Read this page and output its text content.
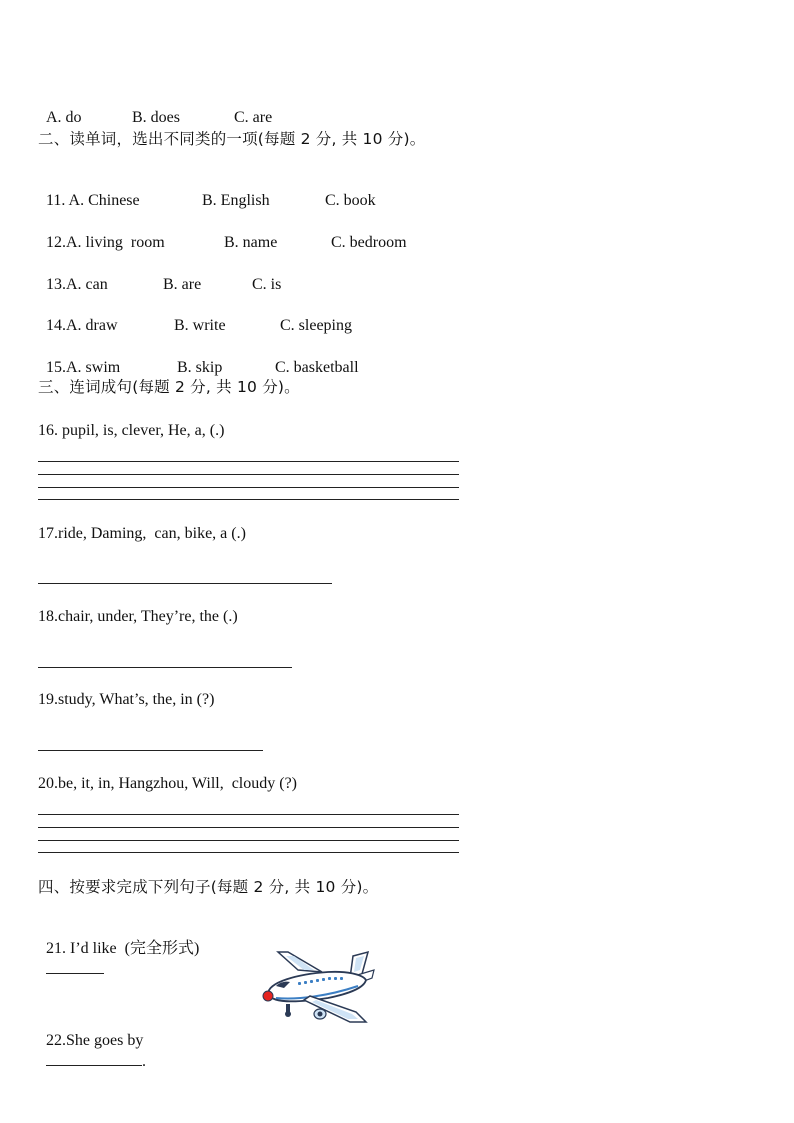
A. do	B. does	C. are

二、读单词，选出不同类的一项(每题 2 分, 共 10 分)。

11. A. Chinese	B. English	C. book

12.A. living  room	B. name	C. bedroom

13.A. can	B. are	C. is

14.A. draw	B. write	C. sleeping

15.A. swim	B. skip	C. basketball

三、连词成句(每题 2 分, 共 10 分)。
16. pupil, is, clever, He, a, (.)
17.ride, Daming,  can, bike, a (.)
18.chair, under, They’re, the (.)
19.study, What’s, the, in (?)
20.be, it, in, Hangzhou, Will,  cloudy (?)
四、按要求完成下列句子(每题 2 分, 共 10 分)。

21. I’d like  (完全形式)

22.She goes by
.
